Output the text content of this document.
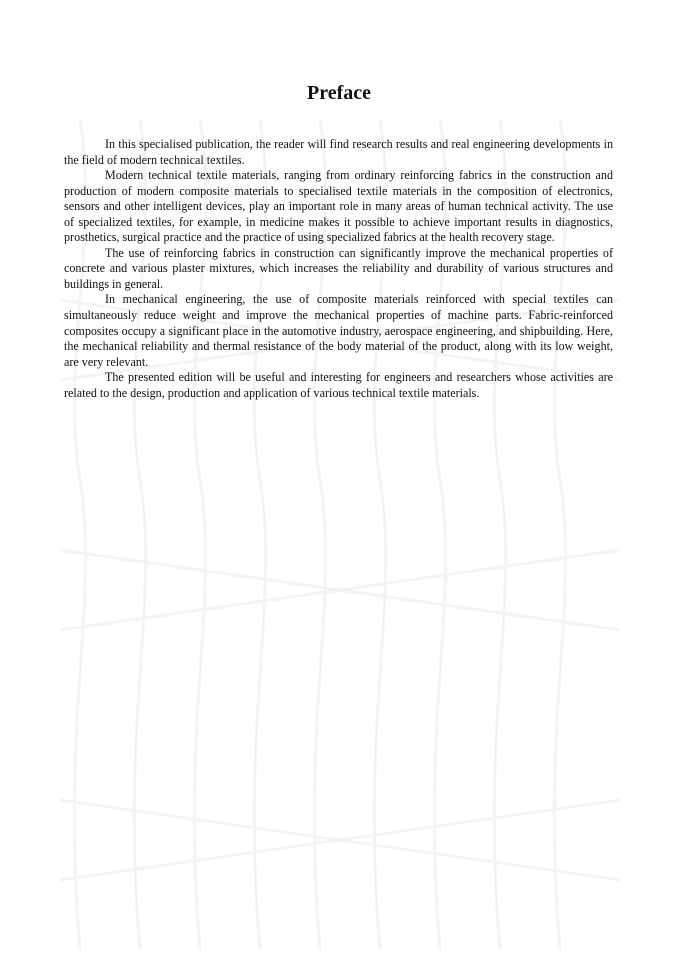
Preface

In this specialised publication, the reader will find research results and real engineering developments in the field of modern technical textiles.

Modern technical textile materials, ranging from ordinary reinforcing fabrics in the construction and production of modern composite materials to specialised textile materials in the composition of electronics, sensors and other intelligent devices, play an important role in many areas of human technical activity. The use of specialized textiles, for example, in medicine makes it possible to achieve important results in diagnostics, prosthetics, surgical practice and the practice of using specialized fabrics at the health recovery stage.

The use of reinforcing fabrics in construction can significantly improve the mechanical properties of concrete and various plaster mixtures, which increases the reliability and durability of various structures and buildings in general.

In mechanical engineering, the use of composite materials reinforced with special textiles can simultaneously reduce weight and improve the mechanical properties of machine parts. Fabric-reinforced composites occupy a significant place in the automotive industry, aerospace engineering, and shipbuilding. Here, the mechanical reliability and thermal resistance of the body material of the product, along with its low weight, are very relevant.

The presented edition will be useful and interesting for engineers and researchers whose activities are related to the design, production and application of various technical textile materials.
